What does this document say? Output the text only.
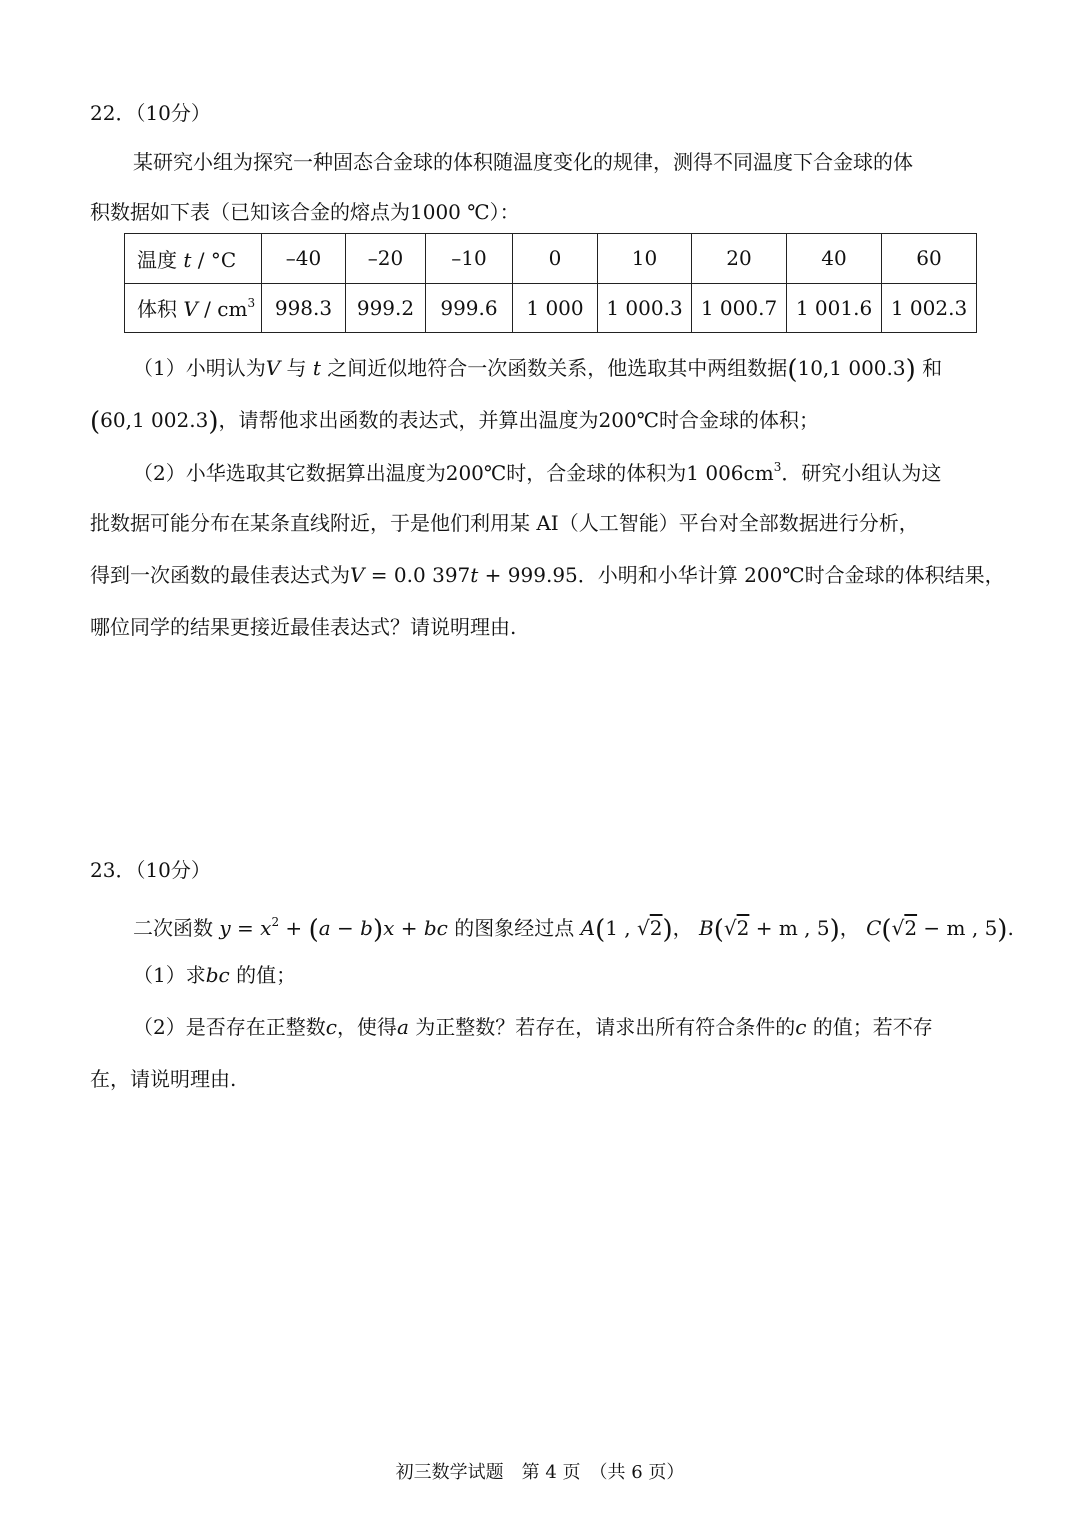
22．（10分）
某研究小组为探究一种固态合金球的体积随温度变化的规律，测得不同温度下合金球的体
积数据如下表（已知该合金的熔点为1000 ℃）：
温度 t / °C	–40	–20	–10	0	10	20	40	60
体积 V / $cm^3$	998.3	999.2	999.6	1 000	1 000.3	1 000.7	1 001.6	1 002.3
（1）小明认为V 与 t 之间近似地符合一次函数关系，他选取其中两组数据(10,1 000.3) 和
(60,1 002.3)，请帮他求出函数的表达式，并算出温度为200℃时合金球的体积；
（2）小华选取其它数据算出温度为200℃时，合金球的体积为1 $006cm^3$．研究小组认为这
批数据可能分布在某条直线附近，于是他们利用某 AI（人工智能）平台对全部数据进行分析，
得到一次函数的最佳表达式为V = 0.0 397t + 999.95．小明和小华计算 200℃时合金球的体积结果，
哪位同学的结果更接近最佳表达式？请说明理由.
23．（10分）
二次函数 $y = x^2 + (a - b)x$ + bc 的图象经过点 A(1 , √2)， B(√2 + m , 5)， C(√2 − m , 5).
（1）求bc 的值；
（2）是否存在正整数c，使得a 为正整数？若存在，请求出所有符合条件的c 的值；若不存
在，请说明理由.
初三数学试题　第 4 页　（共 6 页）
